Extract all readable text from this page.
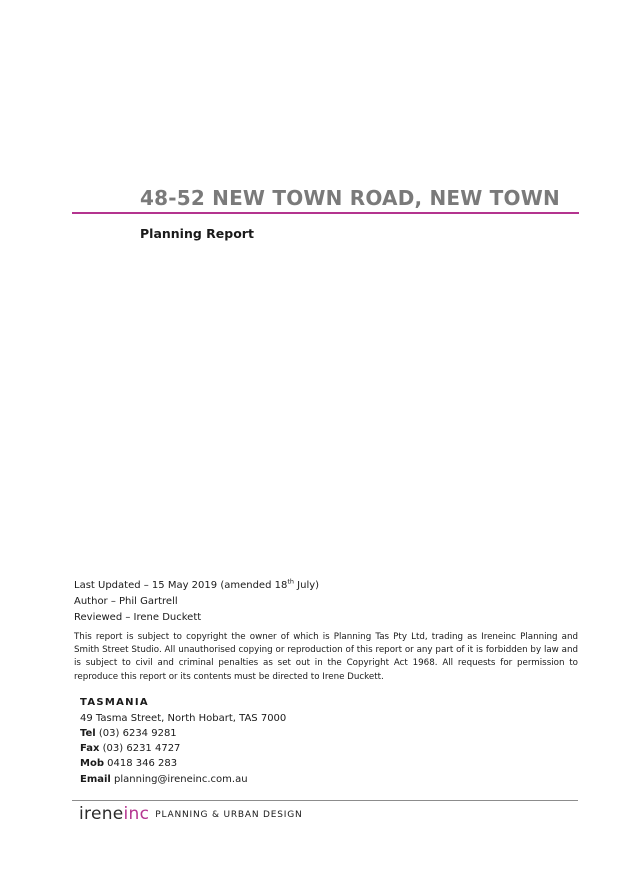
48-52 NEW TOWN ROAD, NEW TOWN
Planning Report
Last Updated – 15 May 2019 (amended 18th July)
Author – Phil Gartrell
Reviewed – Irene Duckett
This report is subject to copyright the owner of which is Planning Tas Pty Ltd, trading as Ireneinc Planning and Smith Street Studio. All unauthorised copying or reproduction of this report or any part of it is forbidden by law and is subject to civil and criminal penalties as set out in the Copyright Act 1968. All requests for permission to reproduce this report or its contents must be directed to Irene Duckett.
TASMANIA
49 Tasma Street, North Hobart, TAS 7000
Tel (03) 6234 9281
Fax (03) 6231 4727
Mob 0418 346 283
Email planning@ireneinc.com.au
ireneinc PLANNING & URBAN DESIGN
